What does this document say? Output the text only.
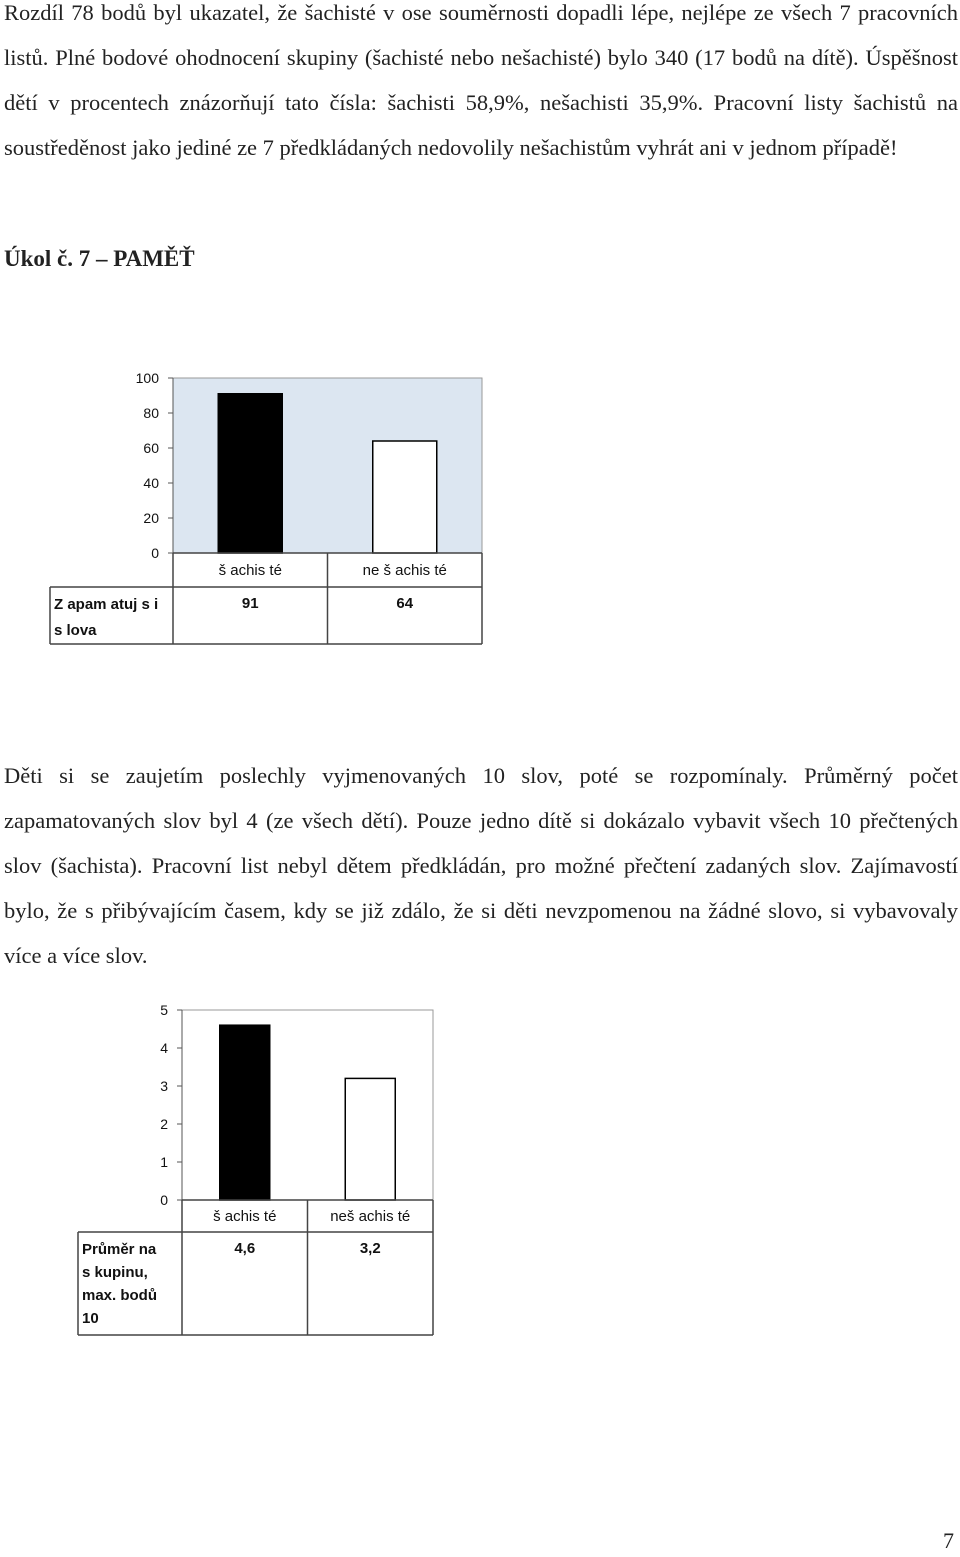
Rozdíl 78 bodů byl ukazatel, že šachisté v ose souměrnosti dopadli lépe, nejlépe ze všech 7 pracovních listů. Plné bodové ohodnocení skupiny (šachisté nebo nešachisté) bylo 340 (17 bodů na dítě). Úspěšnost dětí v procentech znázorňují tato čísla: šachisti 58,9%, nešachisti 35,9%. Pracovní listy šachistů na soustředěnost jako jediné ze 7 předkládaných nedovolily nešachistům vyhrát ani v jednom případě!

Úkol č. 7 – PAMĚŤ
0
20
40
60
80
100
š achis té
91
ne š achis té
64
Z apam atuj s i
s lova

Děti si se zaujetím poslechly vyjmenovaných 10 slov, poté se rozpomínaly. Průměrný počet zapamatovaných slov byl 4 (ze všech dětí). Pouze jedno dítě si dokázalo vybavit všech 10 přečtených slov (šachista). Pracovní list nebyl dětem předkládán, pro možné přečtení zadaných slov. Zajímavostí bylo, že s přibývajícím časem, kdy se již zdálo, že si děti nevzpomenou na žádné slovo, si vybavovaly více a více slov.

0
1
2
3
4
5
š achis té
4,6
neš achis té
3,2
Průměr na
s kupinu,
max. bodů
10
7
